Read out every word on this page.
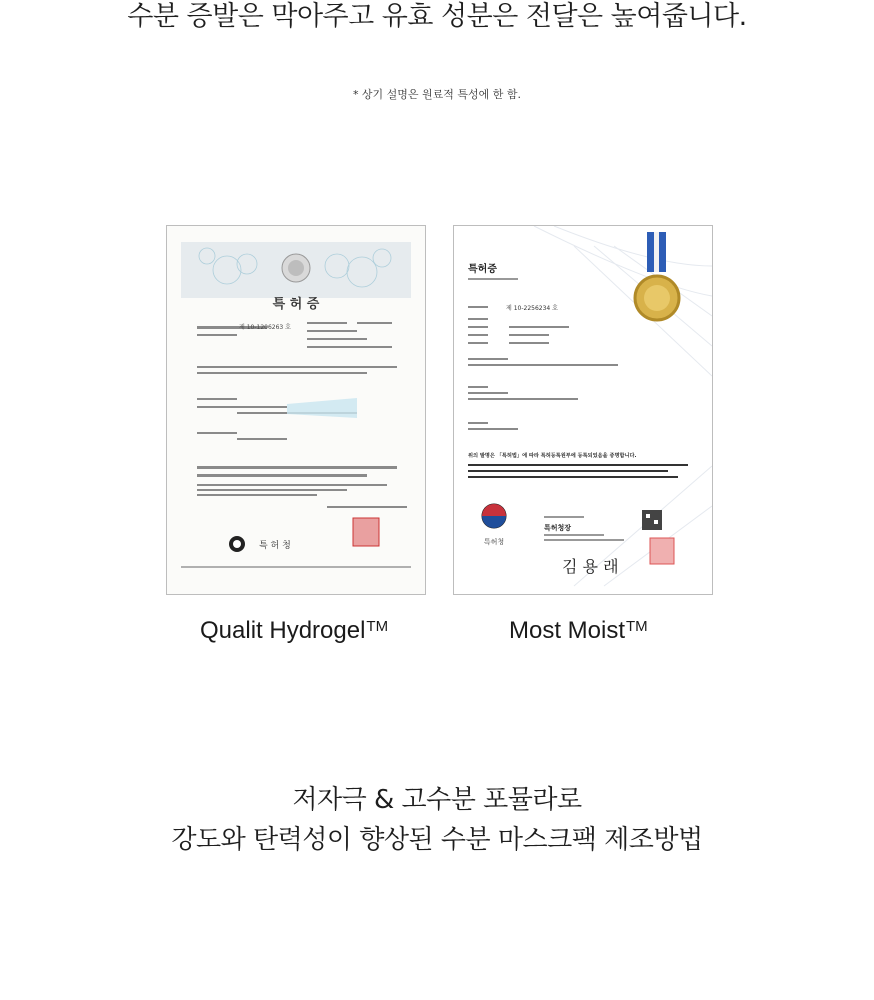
수분 증발은 막아주고 유효 성분은 전달은 높여줍니다.
* 상기 설명은 원료적 특성에 한 함.
특 허 증
제 10-1206263 호
특 허 청
특허증
제 10-2256234 호
위의 발명은 「특허법」에 따라 특허등록원부에 등록되었음을 증명합니다.
특허청
특허청장
김 용 래
Qualit Hydrogel™	Most Moist™
저자극 & 고수분 포뮬라로
강도와 탄력성이 향상된 수분 마스크팩 제조방법
